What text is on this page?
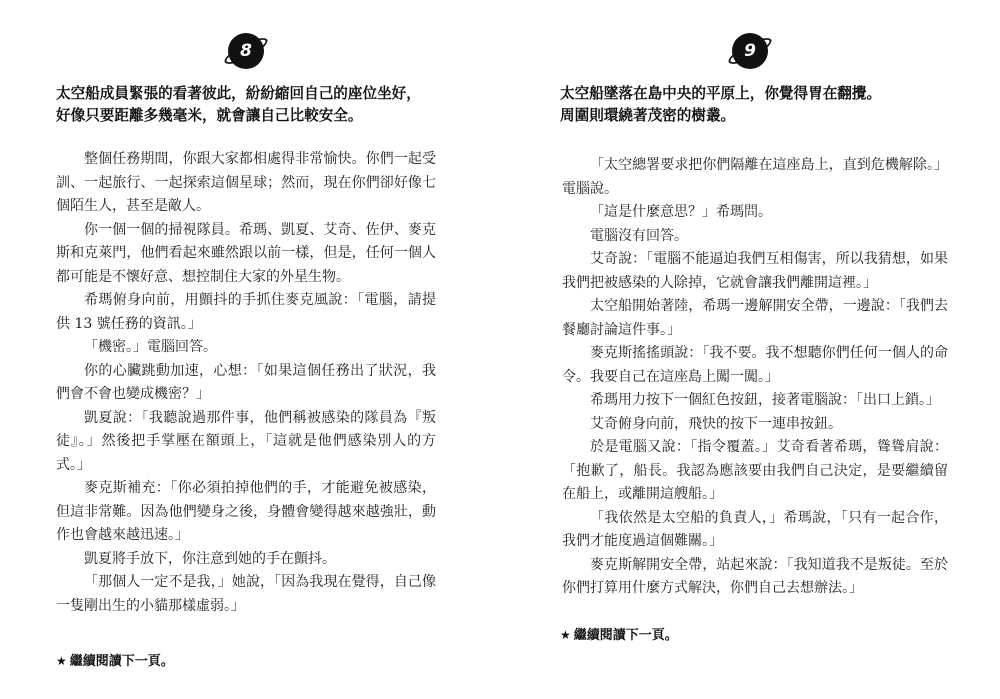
8
太空船成員緊張的看著彼此，紛紛縮回自己的座位坐好，
好像只要距離多幾毫米，就會讓自己比較安全。

整個任務期間，你跟大家都相處得非常愉快。你們一起受訓、一起旅行、一起探索這個星球；然而，現在你們卻好像七個陌生人，甚至是敵人。

你一個一個的掃視隊員。希瑪、凱夏、艾奇、佐伊、麥克斯和克萊門，他們看起來雖然跟以前一樣，但是，任何一個人都可能是不懷好意、想控制住大家的外星生物。

希瑪俯身向前，用顫抖的手抓住麥克風說：「電腦，請提供 13 號任務的資訊。」

「機密。」電腦回答。

你的心臟跳動加速，心想：「如果這個任務出了狀況，我們會不會也變成機密？」

凱夏說：「我聽說過那件事，他們稱被感染的隊員為『叛徒』。」然後把手掌壓在額頭上，「這就是他們感染別人的方式。」

麥克斯補充：「你必須拍掉他們的手，才能避免被感染，但這非常難。因為他們變身之後，身體會變得越來越強壯，動作也會越來越迅速。」

凱夏將手放下，你注意到她的手在顫抖。

「那個人一定不是我，」她說，「因為我現在覺得，自己像一隻剛出生的小貓那樣虛弱。」

★ 繼續閱讀下一頁。
9
太空船墜落在島中央的平原上，你覺得胃在翻攪。
周圍則環繞著茂密的樹叢。

「太空總署要求把你們隔離在這座島上，直到危機解除。」電腦說。

「這是什麼意思？」希瑪問。

電腦沒有回答。

艾奇說：「電腦不能逼迫我們互相傷害，所以我猜想，如果我們把被感染的人除掉，它就會讓我們離開這裡。」

太空船開始著陸，希瑪一邊解開安全帶，一邊說：「我們去餐廳討論這件事。」

麥克斯搖搖頭說：「我不要。我不想聽你們任何一個人的命令。我要自己在這座島上闖一闖。」

希瑪用力按下一個紅色按鈕，接著電腦說：「出口上鎖。」

艾奇俯身向前，飛快的按下一連串按鈕。

於是電腦又說：「指令覆蓋。」艾奇看著希瑪，聳聳肩說：「抱歉了，船長。我認為應該要由我們自己決定，是要繼續留在船上，或離開這艘船。」

「我依然是太空船的負責人，」希瑪說，「只有一起合作，我們才能度過這個難關。」

麥克斯解開安全帶，站起來說：「我知道我不是叛徒。至於你們打算用什麼方式解決，你們自己去想辦法。」

★ 繼續閱讀下一頁。
